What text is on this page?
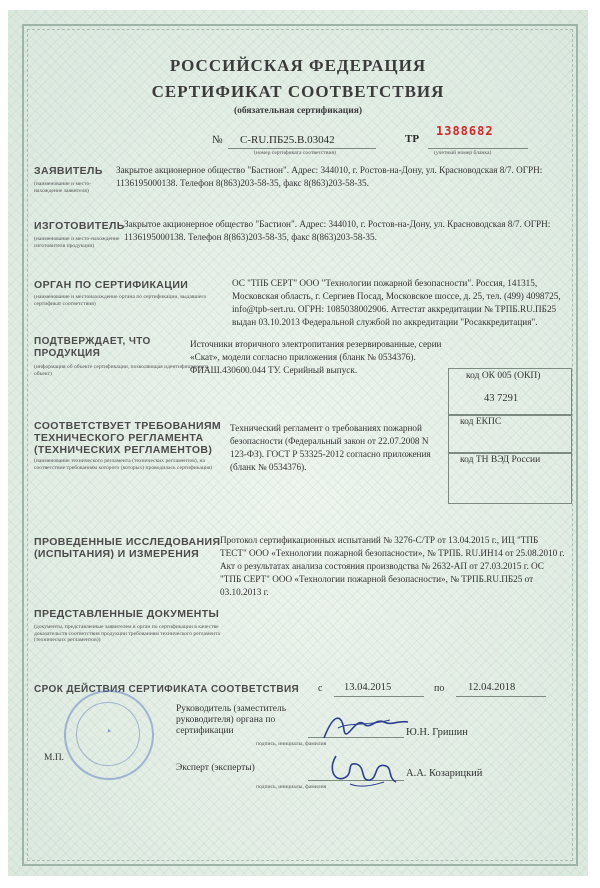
РОССИЙСКАЯ ФЕДЕРАЦИЯ
СЕРТИФИКАТ СООТВЕТСТВИЯ
(обязательная сертификация)
№ C-RU.ПБ25.В.03042
(номер сертификата соответствия)
ТР
1388682
(учетный номер бланка)
ЗАЯВИТЕЛЬ
(наименование и место-нахождение заявителя)
Закрытое акционерное общество "Бастион". Адрес: 344010, г. Ростов-на-Дону, ул. Красноводская 8/7. ОГРН: 1136195000138. Телефон 8(863)203-58-35, факс 8(863)203-58-35.
ИЗГОТОВИТЕЛЬ
(наименование и место-нахождение изготовителя продукции)
Закрытое акционерное общество "Бастион". Адрес: 344010, г. Ростов-на-Дону, ул. Красноводская 8/7. ОГРН: 1136195000138. Телефон 8(863)203-58-35, факс 8(863)203-58-35.
ОРГАН ПО СЕРТИФИКАЦИИ
(наименование и местонахождение органа по сертификации, выдавшего сертификат соответствия)
ОС "ТПБ СЕРТ" ООО "Технологии пожарной безопасности". Россия, 141315, Московская область, г. Сергиев Посад, Московское шоссе, д. 25, тел. (499) 4098725, info@tpb-sert.ru. ОГРН: 1085038002906. Аттестат аккредитации № ТРПБ.RU.ПБ25 выдан 03.10.2013 Федеральной службой по аккредитации "Росаккредитация".
ПОДТВЕРЖДАЕТ, ЧТО ПРОДУКЦИЯ
(информация об объекте сертификации, позволяющая идентифицировать объект)
Источники вторичного электропитания резервированные, серии «Скат», модели согласно приложения (бланк № 0534376). ФИАШ.430600.044 ТУ. Серийный выпуск.
код ОК 005 (ОКП)
43 7291
код ЕКПС
код ТН ВЭД России
СООТВЕТСТВУЕТ ТРЕБОВАНИЯМ ТЕХНИЧЕСКОГО РЕГЛАМЕНТА (ТЕХНИЧЕСКИХ РЕГЛАМЕНТОВ)
(наименование технического регламента (технических регламентов), на соответствие требованиям которого (которых) проводилась сертификация)
Технический регламент о требованиях пожарной безопасности (Федеральный закон от 22.07.2008 N 123-ФЗ). ГОСТ Р 53325-2012 согласно приложения (бланк № 0534376).
ПРОВЕДЕННЫЕ ИССЛЕДОВАНИЯ (ИСПЫТАНИЯ) И ИЗМЕРЕНИЯ
Протокол сертификационных испытаний № 3276-С/ТР от 13.04.2015 г., ИЦ "ТПБ ТЕСТ" ООО «Технологии пожарной безопасности», № ТРПБ. RU.ИН14 от 25.08.2010 г. Акт о результатах анализа состояния производства № 2632-АП от 27.03.2015 г. ОС "ТПБ СЕРТ" ООО «Технологии пожарной безопасности», № ТРПБ.RU.ПБ25 от 03.10.2013 г.
ПРЕДСТАВЛЕННЫЕ ДОКУМЕНТЫ
(документы, представленные заявителем в орган по сертификации в качестве доказательств соответствия продукции требованиям технического регламента (технических регламентов))
СРОК ДЕЙСТВИЯ СЕРТИФИКАТА СООТВЕТСТВИЯ с 13.04.2015	по 12.04.2018
▲
М.П.
Руководитель (заместитель руководителя) органа по сертификации
подпись, инициалы, фамилия
Ю.Н. Гришин
Эксперт (эксперты)
подпись, инициалы, фамилия
А.А. Козарицкий
